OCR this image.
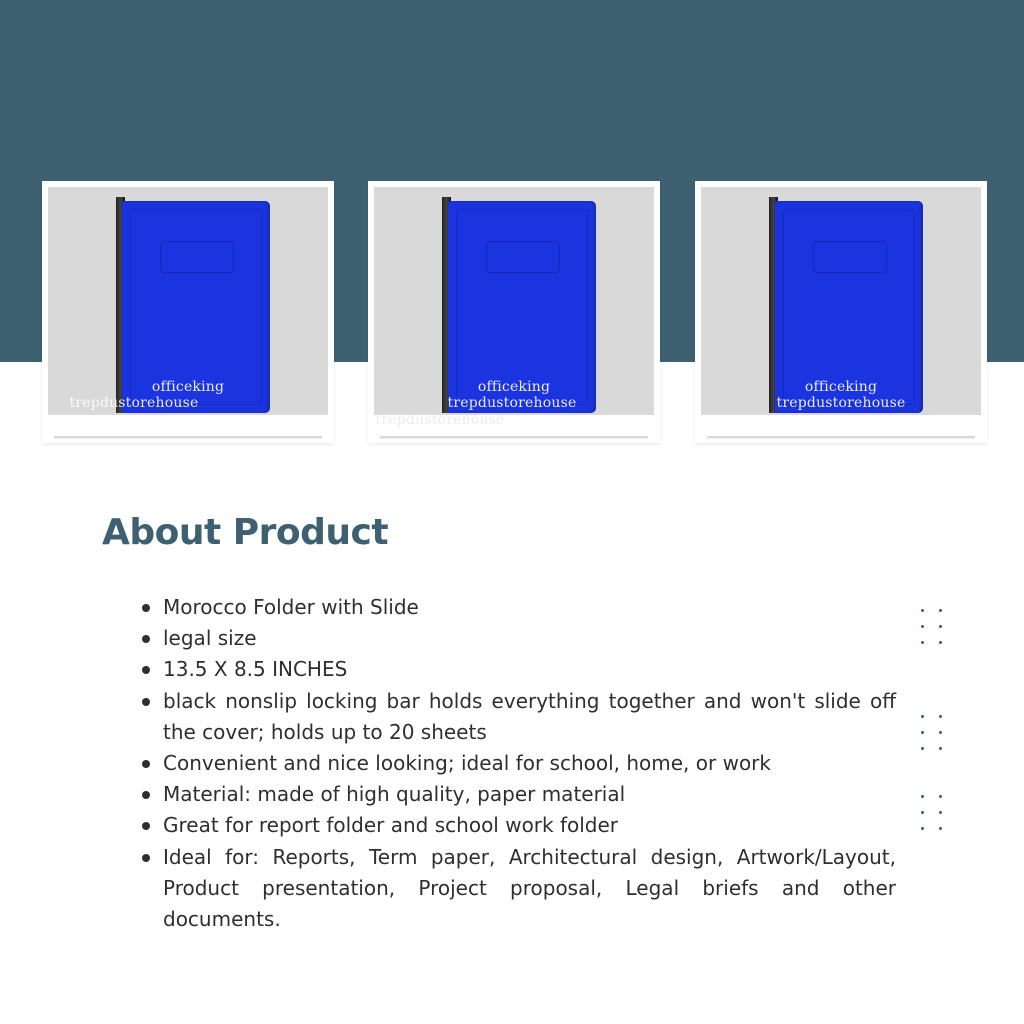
officeking
trepdustorehouse
officeking
trepdustorehouse
trepdustorehouse
officeking
trepdustorehouse
About Product
Morocco Folder with Slide
legal size
13.5 X 8.5 INCHES
black nonslip locking bar holds everything together and won't slide off the cover; holds up to 20 sheets
Convenient and nice looking; ideal for school, home, or work
Material: made of high quality, paper material
Great for report folder and school work folder
Ideal for: Reports, Term paper, Architectural design, Artwork/Layout, Product presentation, Project proposal, Legal briefs and other documents.
